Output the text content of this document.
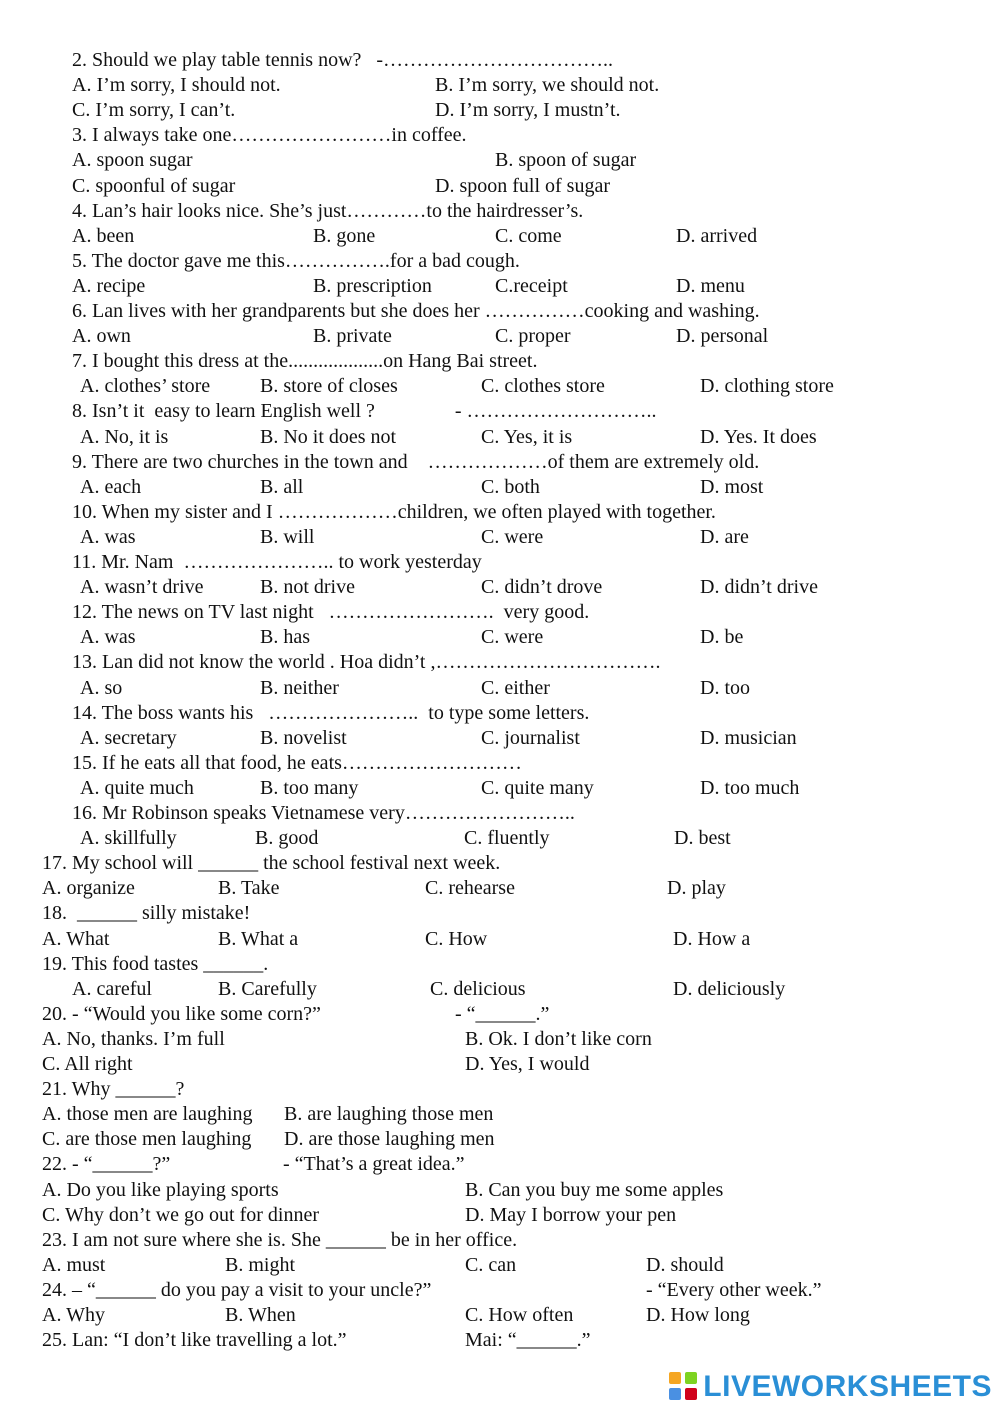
2. Should we play table tennis now?   -……………………………..
A. I’m sorry, I should not.	B. I’m sorry, we should not.
C. I’m sorry, I can’t.	D. I’m sorry, I mustn’t.
3. I always take one……………………in coffee.
A. spoon sugar	B. spoon of sugar
C. spoonful of sugar	D. spoon full of sugar
4. Lan’s hair looks nice. She’s just…………to the hairdresser’s.
A. been	B. gone	C. come	D. arrived
5. The doctor gave me this…………….for a bad cough.
A. recipe	B. prescription	C.receipt	D. menu
6. Lan lives with her grandparents but she does her ……………cooking and washing.
A. own	B. private	C. proper	D. personal
7. I bought this dress at the...................on Hang Bai street.
A. clothes’ store B. store of closes	C. clothes store	D. clothing store
8. Isn’t it  easy to learn English well ?                - ………………………..
A. No, it is	B. No it does not	C. Yes, it is	D. Yes. It does
9. There are two churches in the town and    ………………of them are extremely old.
A. each	B. all	C. both	D. most
10. When my sister and I ………………children, we often played with together.
A. was	B. will	C. were	D. are
11. Mr. Nam  ………………….. to work yesterday
A. wasn’t drive	B. not drive	C. didn’t drove	D. didn’t drive
12. The news on TV last night   …………………….  very good.
A. was	B. has	C. were	D. be
13. Lan did not know the world . Hoa didn’t ,…………………………….
A. so	B. neither	C. either	D. too
14. The boss wants his   …………………..  to type some letters.
A. secretary	B. novelist	C. journalist	D. musician
15. If he eats all that food, he eats………………………
A. quite much	B. too many	C. quite many	D. too much
16. Mr Robinson speaks Vietnamese very……………………..
A. skillfully	B. good	C. fluently	D. best
17. My school will ______ the school festival next week.
A. organize	B. Take	C. rehearse	D. play
18.  ______ silly mistake!
A. What	B. What a	C. How	D. How a
19. This food tastes ______.
A. careful	B. Carefully	C. delicious	D. deliciously
20. - “Would you like some corn?”	- “______.”
A. No, thanks. I’m full	B. Ok. I don’t like corn
C. All right	D. Yes, I would
21. Why ______?
A. those men are laughing B. are laughing those men
C. are those men laughing D. are those laughing men
22. - “______?”	- “That’s a great idea.”
A. Do you like playing sports	B. Can you buy me some apples
C. Why don’t we go out for dinner	D. May I borrow your pen
23. I am not sure where she is. She ______ be in her office.
A. must	B. might	C. can	D. should
24. – “______ do you pay a visit to your uncle?”	- “Every other week.”
A. Why	B. When	C. How often	D. How long
25. Lan: “I don’t like travelling a lot.”	Mai: “______.”
LIVEWORKSHEETS
